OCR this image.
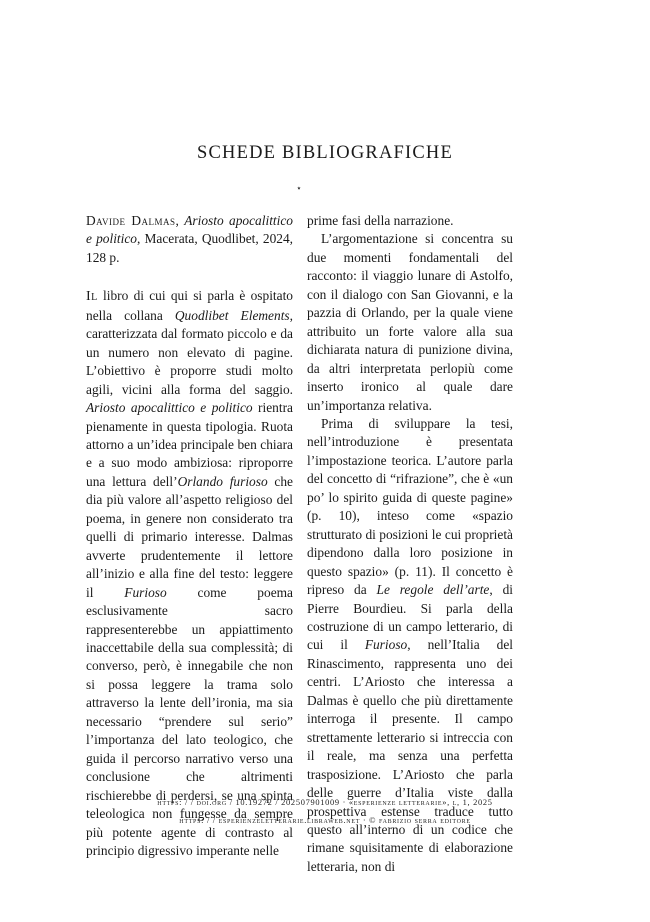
SCHEDE BIBLIOGRAFICHE
⋆

Davide Dalmas, Ariosto apocalittico e politico, Macerata, Quodlibet, 2024, 128 p.

Il libro di cui qui si parla è ospitato nella collana Quodlibet Elements, caratterizzata dal formato piccolo e da un numero non elevato di pagine. L’obiettivo è proporre studi molto agili, vicini alla forma del saggio. Ariosto apocalittico e politico rientra pienamente in questa tipologia. Ruota attorno a un’idea principale ben chiara e a suo modo ambiziosa: riproporre una lettura dell’Orlando furioso che dia più valore all’aspetto religioso del poema, in genere non considerato tra quelli di primario interesse. Dalmas avverte prudentemente il lettore all’inizio e alla fine del testo: leggere il Furioso come poema esclusivamente sacro rappresenterebbe un appiattimento inaccettabile della sua complessità; di converso, però, è innegabile che non si possa leggere la trama solo attraverso la lente dell’ironia, ma sia necessario “prendere sul serio” l’importanza del lato teologico, che guida il percorso narrativo verso una conclusione che altrimenti rischierebbe di perdersi, se una spinta teleologica non fungesse da sempre più potente agente di contrasto al principio digressivo imperante nelle

prime fasi della narrazione.

L’argomentazione si concentra su due momenti fondamentali del racconto: il viaggio lunare di Astolfo, con il dialogo con San Giovanni, e la pazzia di Orlando, per la quale viene attribuito un forte valore alla sua dichiarata natura di punizione divina, da altri interpretata perlopiù come inserto ironico al quale dare un’importanza relativa.

Prima di sviluppare la tesi, nell’introduzione è presentata l’impostazione teorica. L’autore parla del concetto di “rifrazione”, che è «un po’ lo spirito guida di queste pagine» (p. 10), inteso come «spazio strutturato di posizioni le cui proprietà dipendono dalla loro posizione in questo spazio» (p. 11). Il concetto è ripreso da Le regole dell’arte, di Pierre Bourdieu. Si parla della costruzione di un campo letterario, di cui il Furioso, nell’Italia del Rinascimento, rappresenta uno dei centri. L’Ariosto che interessa a Dalmas è quello che più direttamente interroga il presente. Il campo strettamente letterario si intreccia con il reale, ma senza una perfetta trasposizione. L’Ariosto che parla delle guerre d’Italia viste dalla prospettiva estense traduce tutto questo all’interno di un codice che rimane squisitamente di elaborazione letteraria, non di

https: / / doi.org / 10.19272 / 202507901009 · «esperienze letterarie», l, 1, 2025
https: / / esperienzeletterarie.libraweb.net · © fabrizio serra editore
